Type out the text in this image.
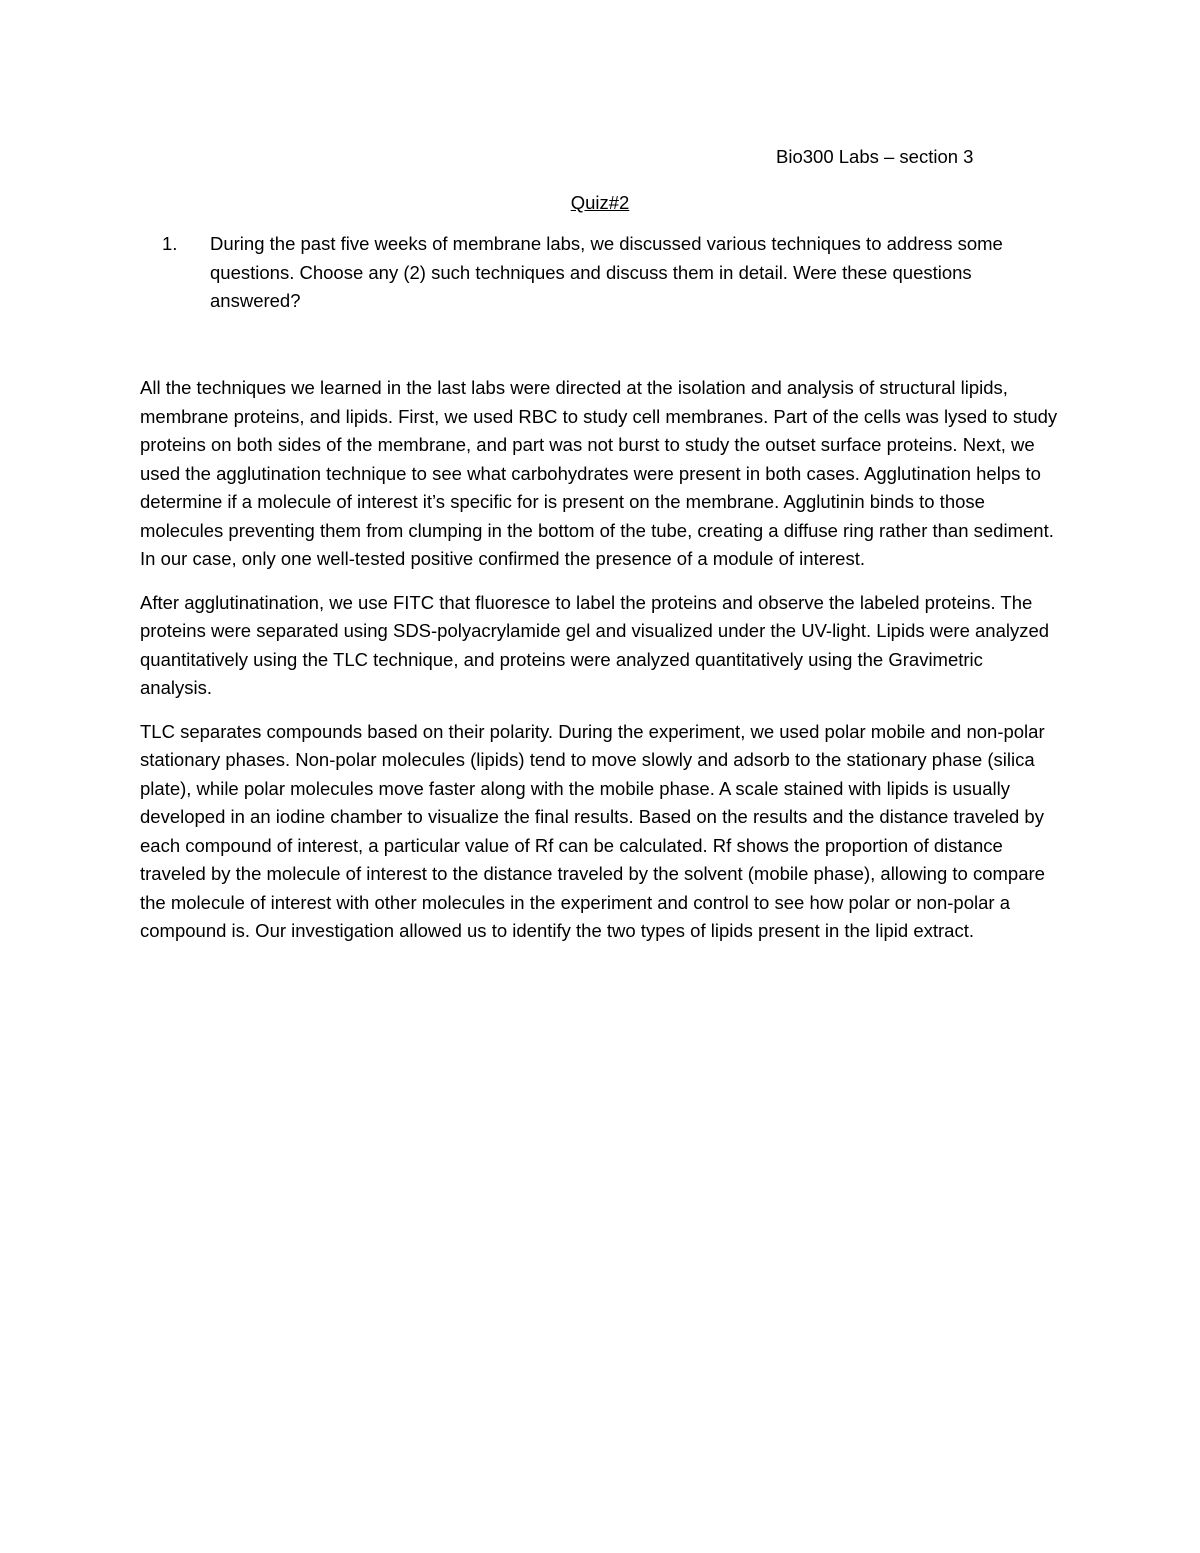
Bio300 Labs – section 3
Quiz#2
1. During the past five weeks of membrane labs, we discussed various techniques to address some questions. Choose any (2) such techniques and discuss them in detail. Were these questions answered?

All the techniques we learned in the last labs were directed at the isolation and analysis of structural lipids, membrane proteins, and lipids. First, we used RBC to study cell membranes. Part of the cells was lysed to study proteins on both sides of the membrane, and part was not burst to study the outset surface proteins. Next, we used the agglutination technique to see what carbohydrates were present in both cases. Agglutination helps to determine if a molecule of interest it’s specific for is present on the membrane. Agglutinin binds to those molecules preventing them from clumping in the bottom of the tube, creating a diffuse ring rather than sediment. In our case, only one well-tested positive confirmed the presence of a module of interest.

After agglutinatination, we use FITC that fluoresce to label the proteins and observe the labeled proteins. The proteins were separated using SDS-polyacrylamide gel and visualized under the UV-light. Lipids were analyzed quantitatively using the TLC technique, and proteins were analyzed quantitatively using the Gravimetric analysis.

TLC separates compounds based on their polarity. During the experiment, we used polar mobile and non-polar stationary phases. Non-polar molecules (lipids) tend to move slowly and adsorb to the stationary phase (silica plate), while polar molecules move faster along with the mobile phase. A scale stained with lipids is usually developed in an iodine chamber to visualize the final results. Based on the results and the distance traveled by each compound of interest, a particular value of Rf can be calculated. Rf shows the proportion of distance traveled by the molecule of interest to the distance traveled by the solvent (mobile phase), allowing to compare the molecule of interest with other molecules in the experiment and control to see how polar or non-polar a compound is. Our investigation allowed us to identify the two types of lipids present in the lipid extract.
